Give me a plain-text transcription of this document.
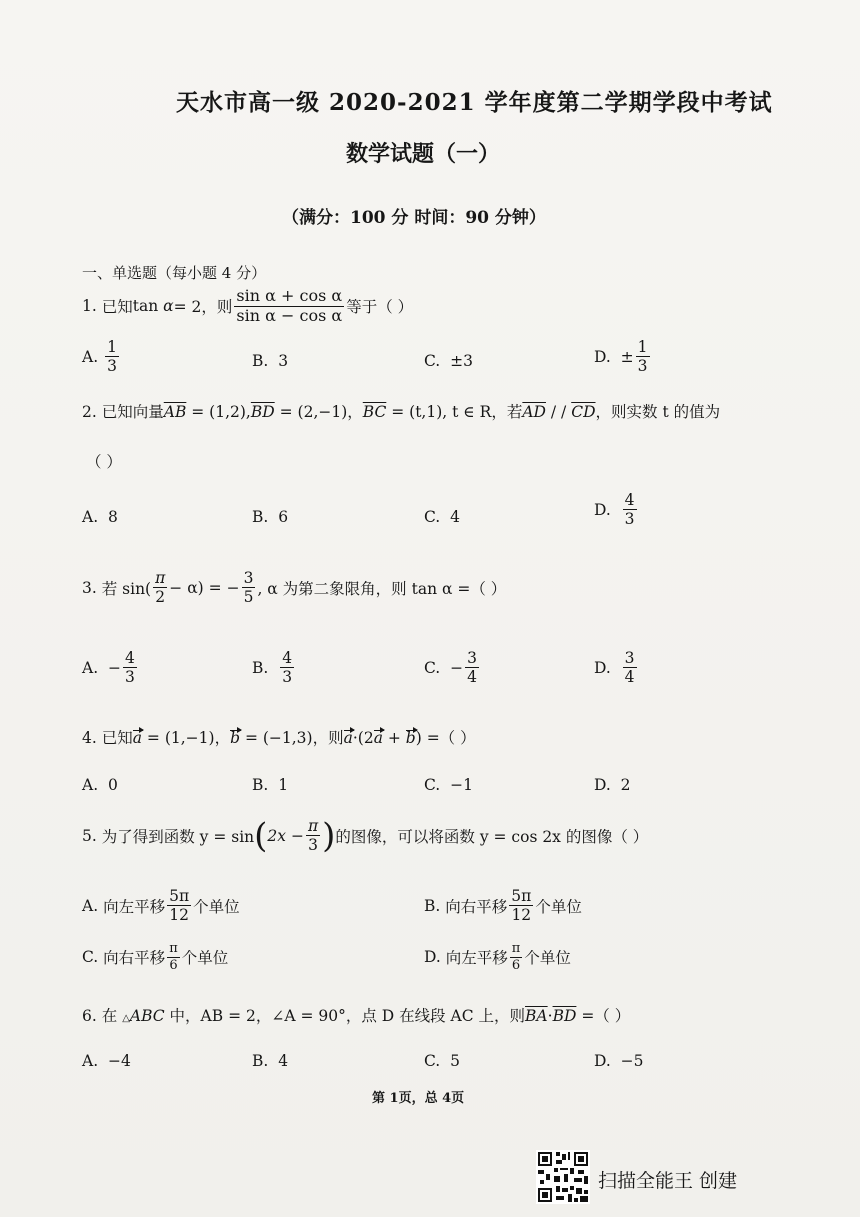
天水市高一级 2020-2021 学年度第二学期学段中考试
数学试题（一）
（满分：100 分 时间：90 分钟）
一、单选题（每小题 4 分）
1.
已知 tan
α = 2，则 $\frac{\text{sin α + cos α}}{\text{sin α − cos α}}$ 等于（ ）
A.
$\frac{1}{3}$	B. 3	C. ±3	D.
± $\frac{1}{3}$
2. 已知向量$\overline{AB} = (1,2),\overline{BD} = (2,-1)$，$\overline{BC} = (t,1)$, t ∈ R，若$\overline{AD}$ / / $\overline{CD}$，则实数 t 的值为
（ ）
A. 8	B. 6	C. 4	D.
$\frac{4}{3}$
3.
若 $\sin( \frac{\pi}{2} - \alpha)$ = − $\frac{3}{5}$ , α 为第二象限角，则 tan α =（ ）
A.
− $\frac{4}{3}$	B.
$\frac{4}{3}$	C.
− $\frac{3}{4}$	D.
$\frac{3}{4}$
4. 已知a = (1,−1)，b = (−1,3)，则a·(2a + b) =（ ）
A. 0	B. 1	C. −1	D. 2
5.
为了得到函数 y = sin ( $2x - \frac{\pi}{3}$ ) 的图像，可以将函数 y = cos 2x 的图像（ ）
A.
向左平移 $\frac{5\pi}{12}$ 个单位	B.
向右平移 $\frac{5\pi}{12}$ 个单位
C.
向右平移 $\frac{\pi}{6}$ 个单位	D.
向左平移 $\frac{\pi}{6}$ 个单位
6. 在 △ABC 中，AB = 2，∠A = 90°，点 D 在线段 AC 上，则$\overline{BA}\cdot\overline{BD}$ =（ ）
A. −4	B. 4	C. 5	D. −5
第 1页，总 4页
扫描全能王 创建
